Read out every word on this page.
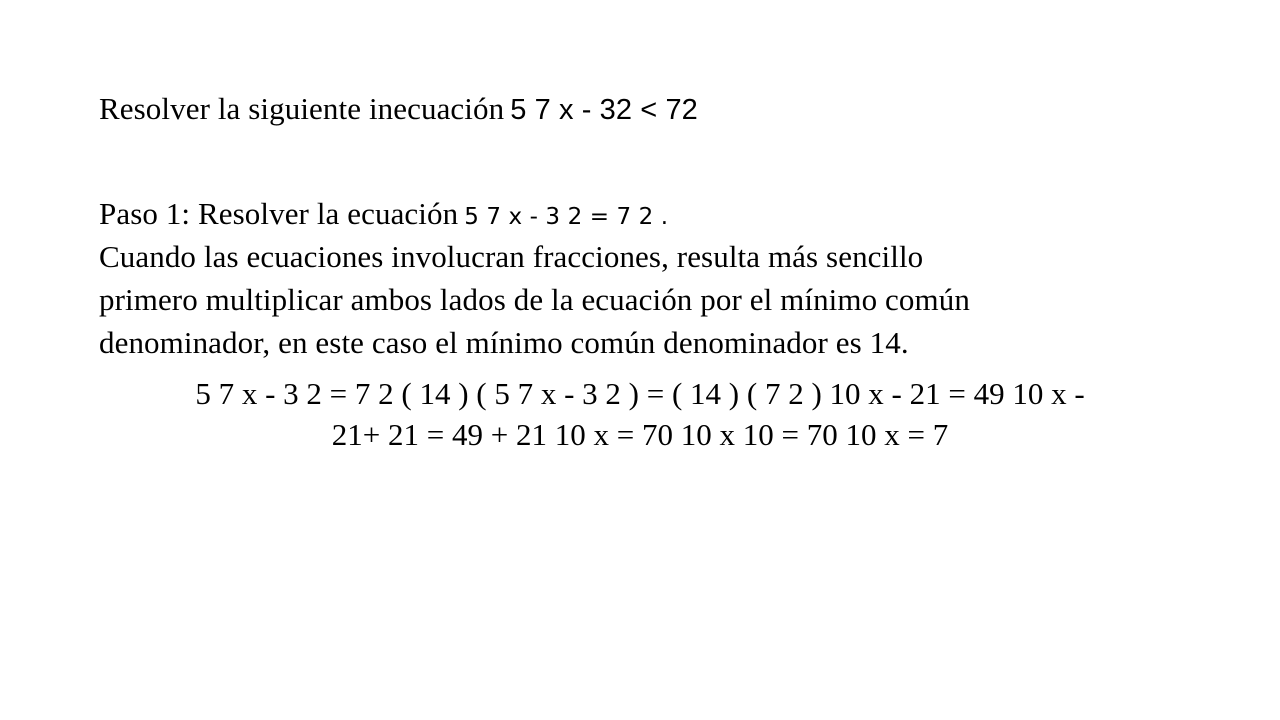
Resolver la siguiente inecuación 5 7 x - 32 < 72
Paso 1: Resolver la ecuación 5 7 x - 3 2 = 7 2 .
Cuando las ecuaciones involucran fracciones, resulta más sencillo
primero multiplicar ambos lados de la ecuación por el mínimo común
denominador, en este caso el mínimo común denominador es 14.
5 7 x - 3 2 = 7 2 ( 14 ) ( 5 7 x - 3 2 ) = ( 14 ) ( 7 2 ) 10 x - 21 = 49 10 x -
21+ 21 = 49 + 21 10 x = 70 10 x 10 = 70 10 x = 7
